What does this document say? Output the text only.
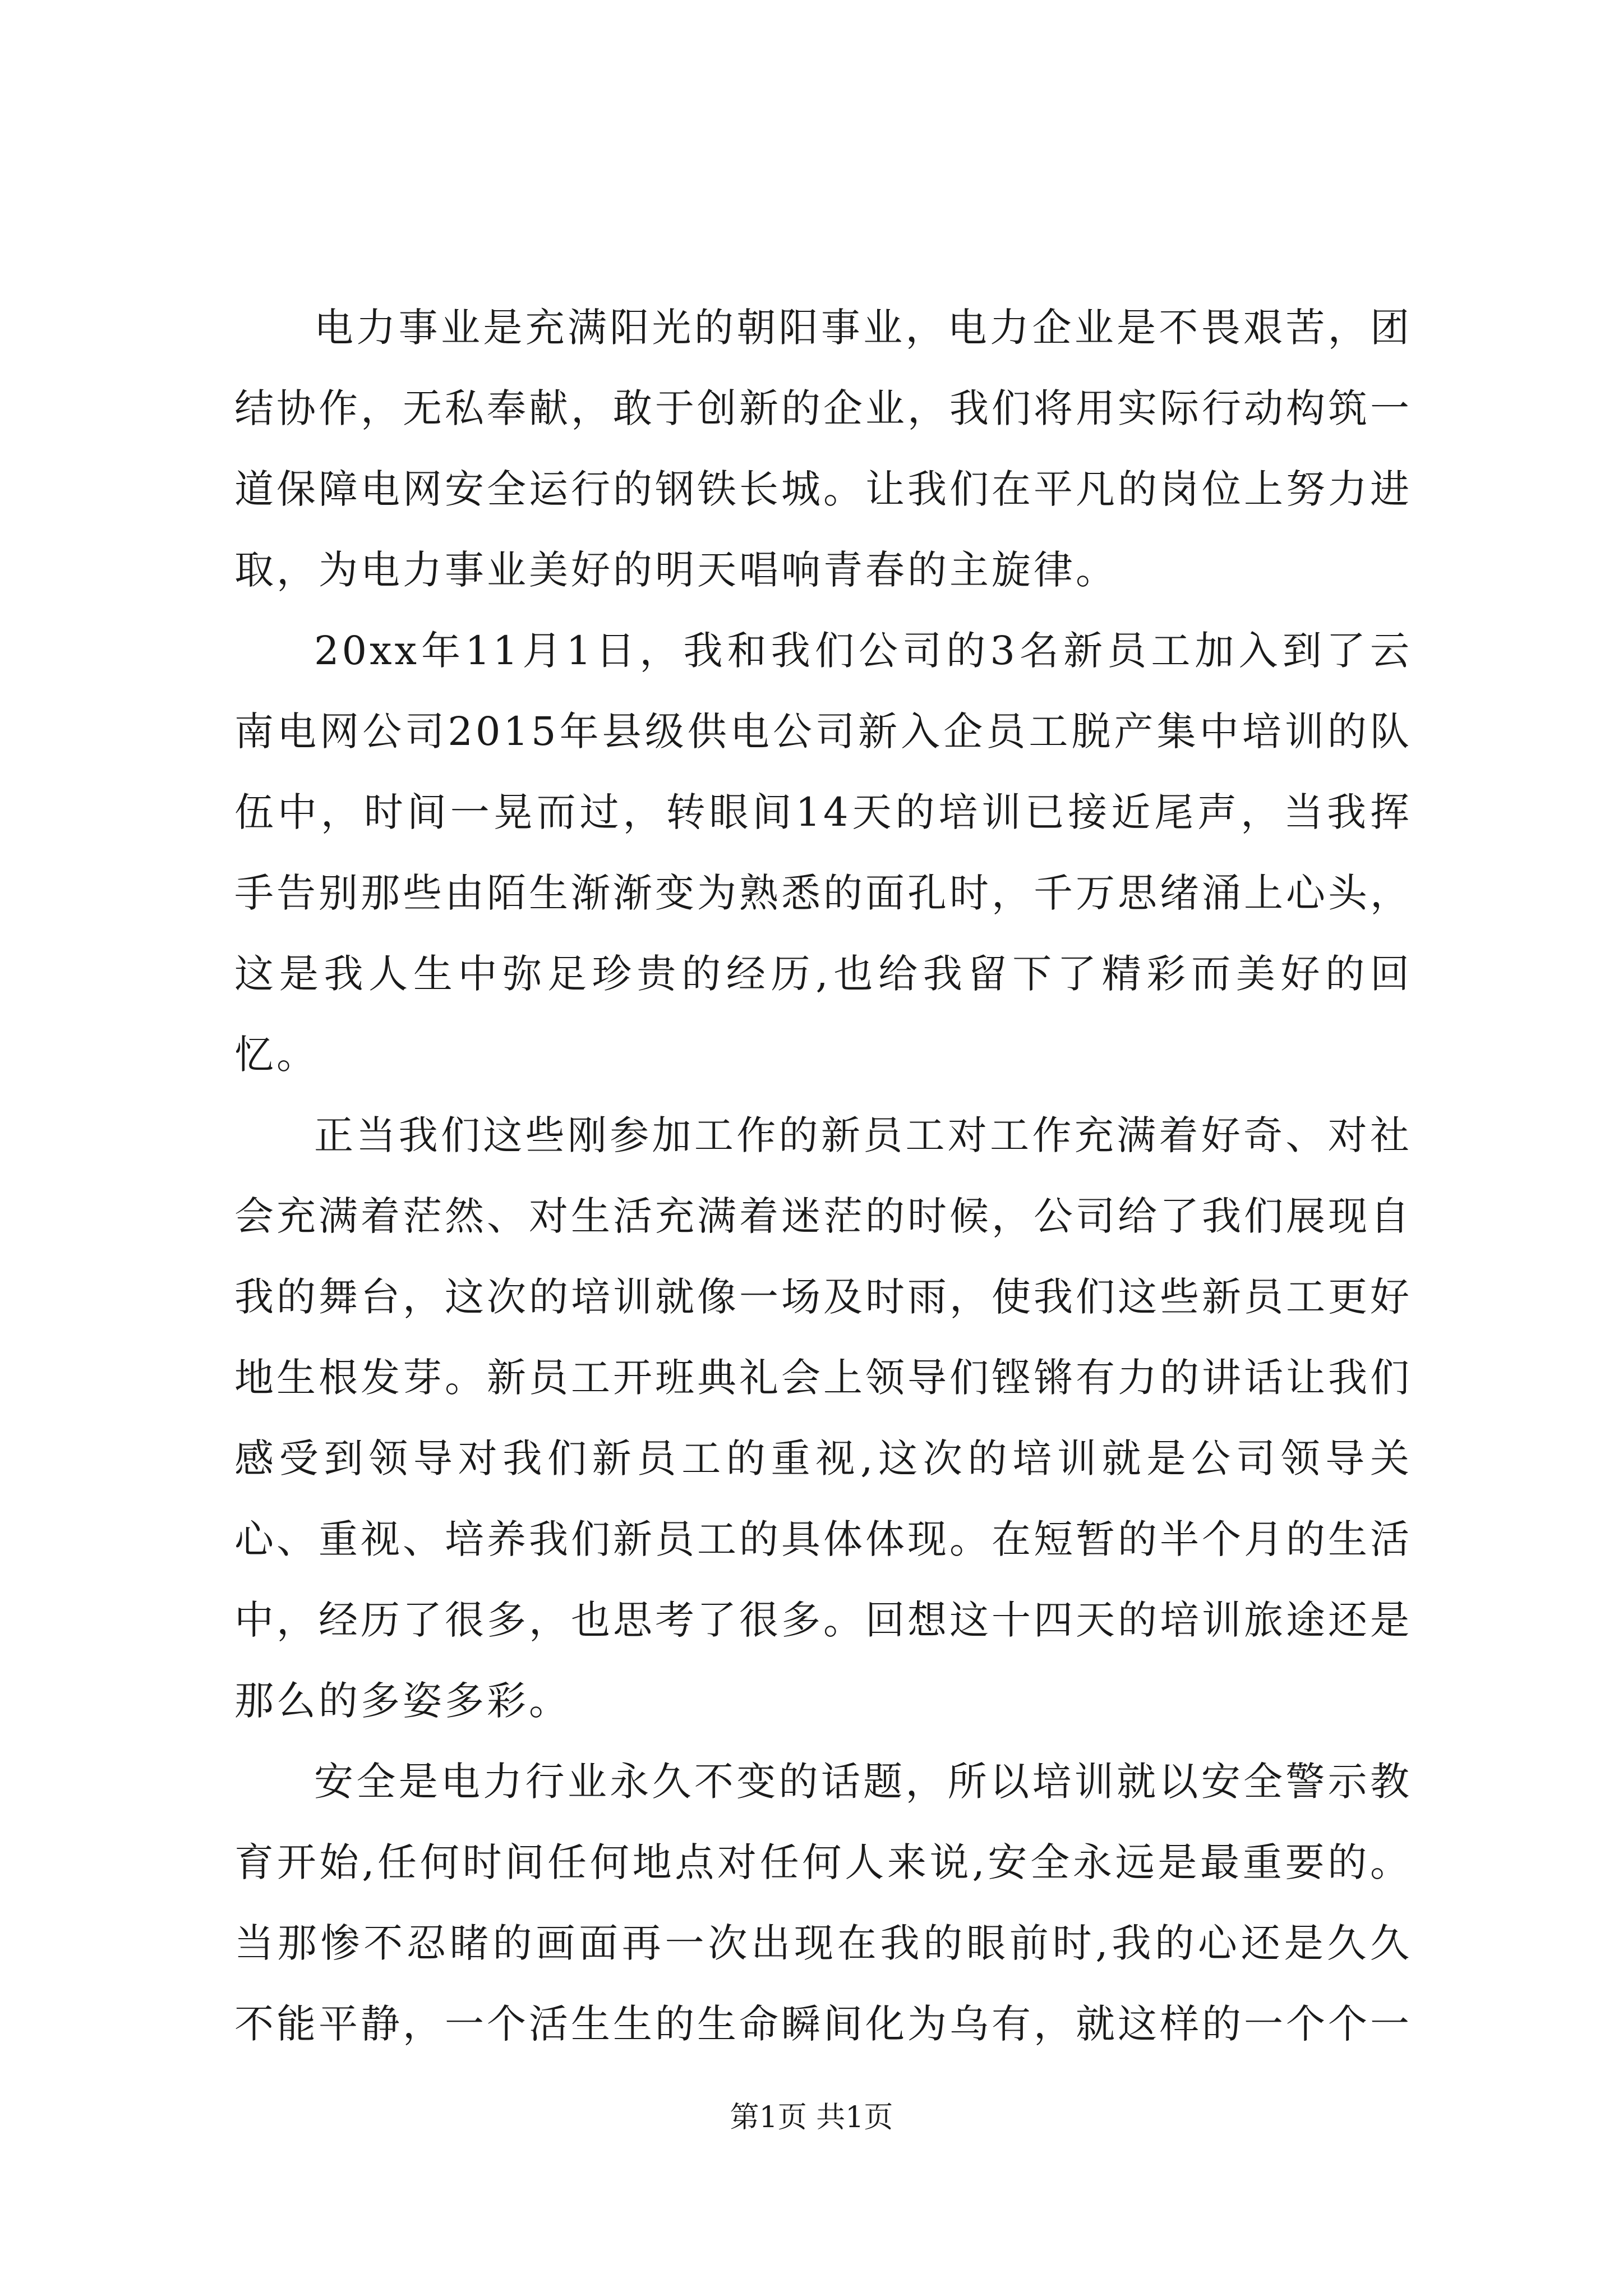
电力事业是充满阳光的朝阳事业，电力企业是不畏艰苦，团结协作，无私奉献，敢于创新的企业，我们将用实际行动构筑一道保障电网安全运行的钢铁长城。让我们在平凡的岗位上努力进取，为电力事业美好的明天唱响青春的主旋律。

20xx年11月1日，我和我们公司的3名新员工加入到了云南电网公司2015年县级供电公司新入企员工脱产集中培训的队伍中，时间一晃而过，转眼间14天的培训已接近尾声，当我挥手告别那些由陌生渐渐变为熟悉的面孔时，千万思绪涌上心头，这是我人生中弥足珍贵的经历,也给我留下了精彩而美好的回忆。

正当我们这些刚参加工作的新员工对工作充满着好奇、对社会充满着茫然、对生活充满着迷茫的时候，公司给了我们展现自我的舞台，这次的培训就像一场及时雨，使我们这些新员工更好地生根发芽。新员工开班典礼会上领导们铿锵有力的讲话让我们感受到领导对我们新员工的重视,这次的培训就是公司领导关心、重视、培养我们新员工的具体体现。在短暂的半个月的生活中，经历了很多，也思考了很多。回想这十四天的培训旅途还是那么的多姿多彩。

安全是电力行业永久不变的话题，所以培训就以安全警示教育开始,任何时间任何地点对任何人来说,安全永远是最重要的。当那惨不忍睹的画面再一次出现在我的眼前时,我的心还是久久不能平静，一个活生生的生命瞬间化为乌有，就这样的一个个一

第1页 共1页
